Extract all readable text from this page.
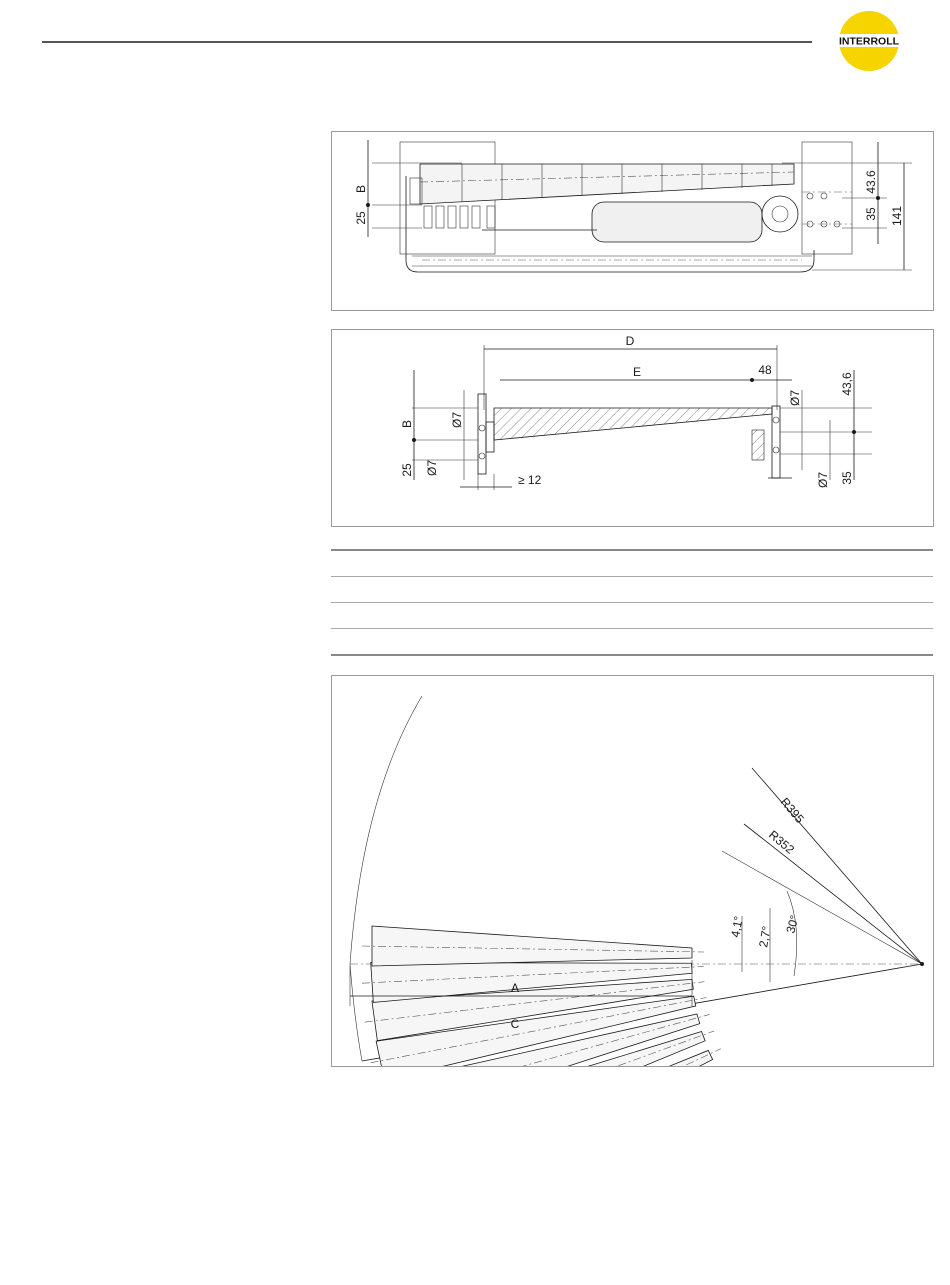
INTERROLL
B
25
43.6
35 141
D
E	48
≥ 12
B
25
Ø7
Ø7
Ø7
Ø7
43,6
35
R395
R352
4,1° 2,7°
30°
A
C
